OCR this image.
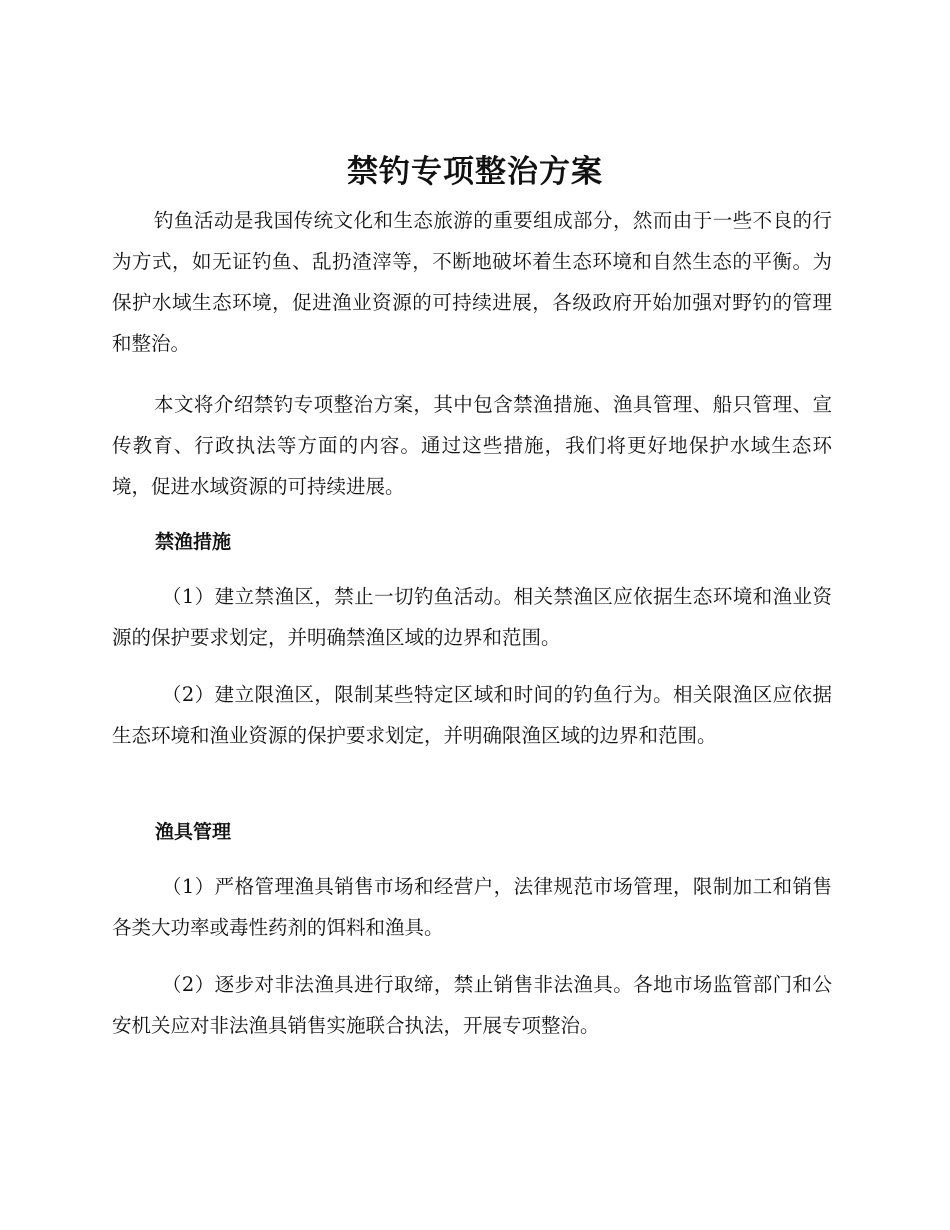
禁钓专项整治方案

钓鱼活动是我国传统文化和生态旅游的重要组成部分，然而由于一些不良的行为方式，如无证钓鱼、乱扔渣滓等，不断地破坏着生态环境和自然生态的平衡。为保护水域生态环境，促进渔业资源的可持续进展，各级政府开始加强对野钓的管理和整治。

本文将介绍禁钓专项整治方案，其中包含禁渔措施、渔具管理、船只管理、宣传教育、行政执法等方面的内容。通过这些措施，我们将更好地保护水域生态环境，促进水域资源的可持续进展。

禁渔措施

（1）建立禁渔区，禁止一切钓鱼活动。相关禁渔区应依据生态环境和渔业资源的保护要求划定，并明确禁渔区域的边界和范围。

（2）建立限渔区，限制某些特定区域和时间的钓鱼行为。相关限渔区应依据生态环境和渔业资源的保护要求划定，并明确限渔区域的边界和范围。

渔具管理

（1）严格管理渔具销售市场和经营户，法律规范市场管理，限制加工和销售各类大功率或毒性药剂的饵料和渔具。

（2）逐步对非法渔具进行取缔，禁止销售非法渔具。各地市场监管部门和公安机关应对非法渔具销售实施联合执法，开展专项整治。
